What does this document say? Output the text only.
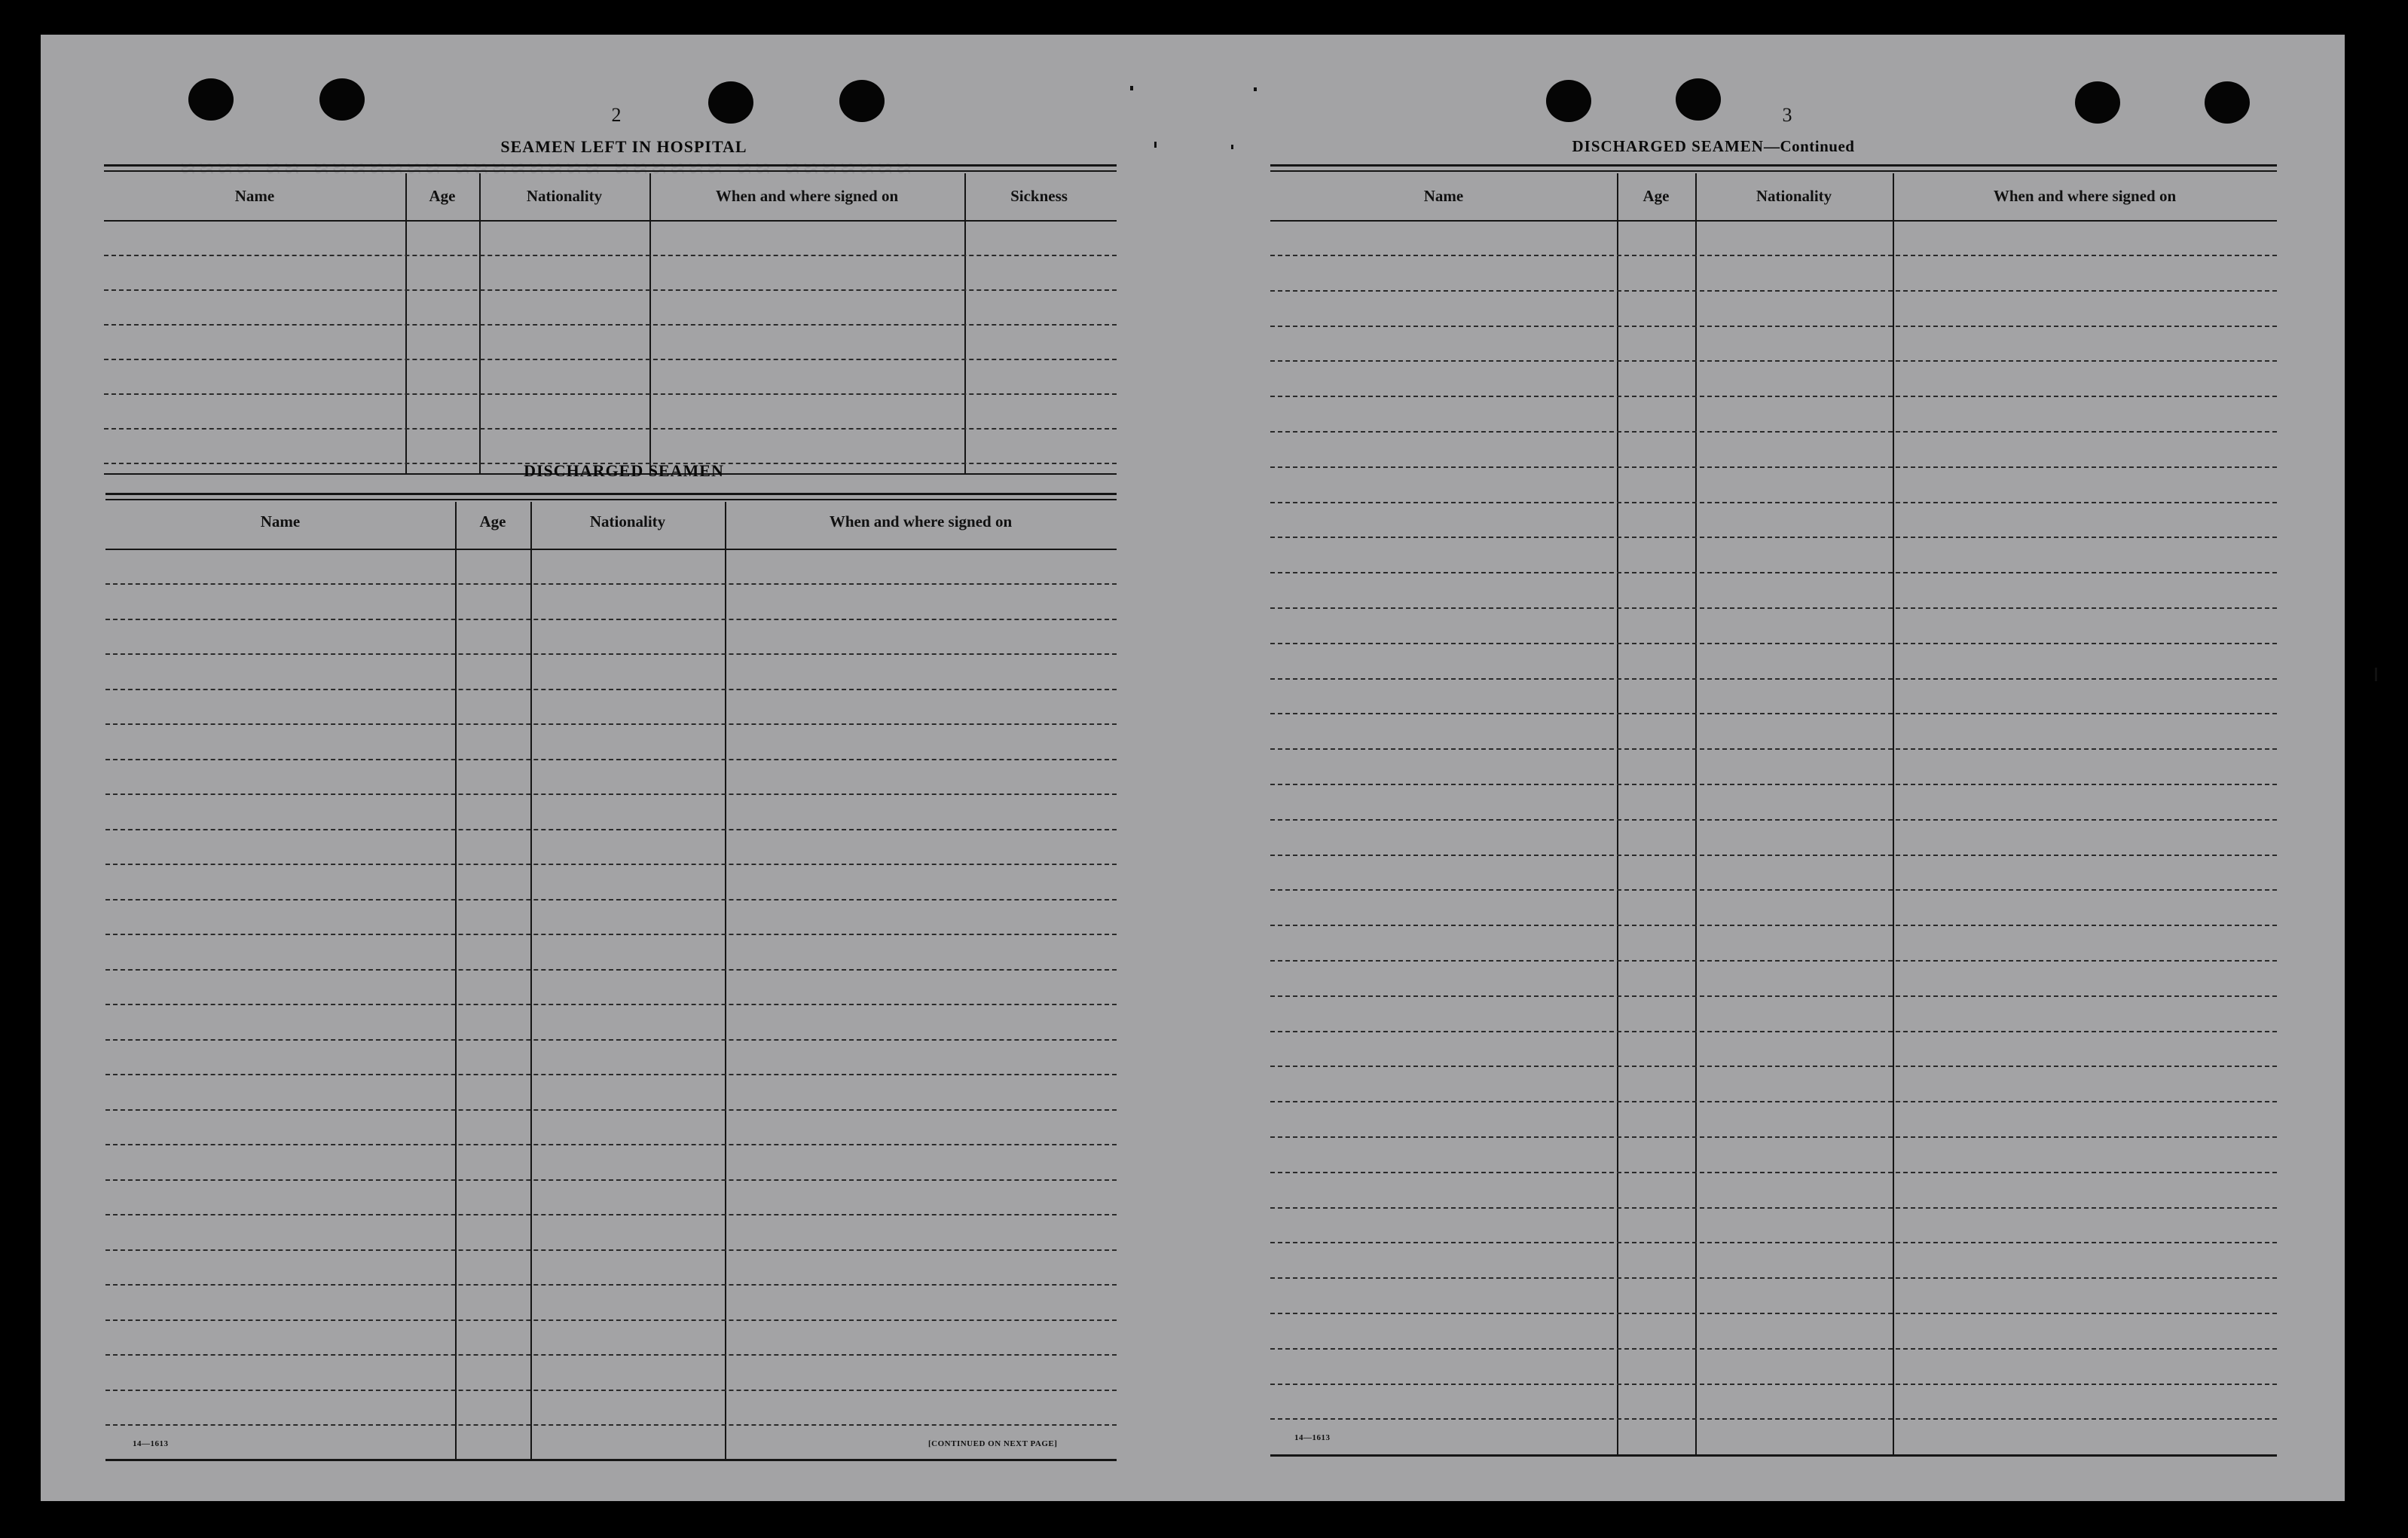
≈≈≈≈≈≈≈ ≈≈ ≈≈≈≈≈≈ ≈≈≈≈≈≈≈≈ ≈≈≈≈≈≈≈ ≈≈ ≈≈≈≈
2
SEAMEN LEFT IN HOSPITAL
Name	Age	Nationality	When and where signed on	Sickness
DISCHARGED SEAMEN
Name	Age	Nationality	When and where signed on
14—1613	[CONTINUED ON NEXT PAGE]
3
DISCHARGED SEAMEN—Continued
Name	Age	Nationality	When and where signed on
14—1613
